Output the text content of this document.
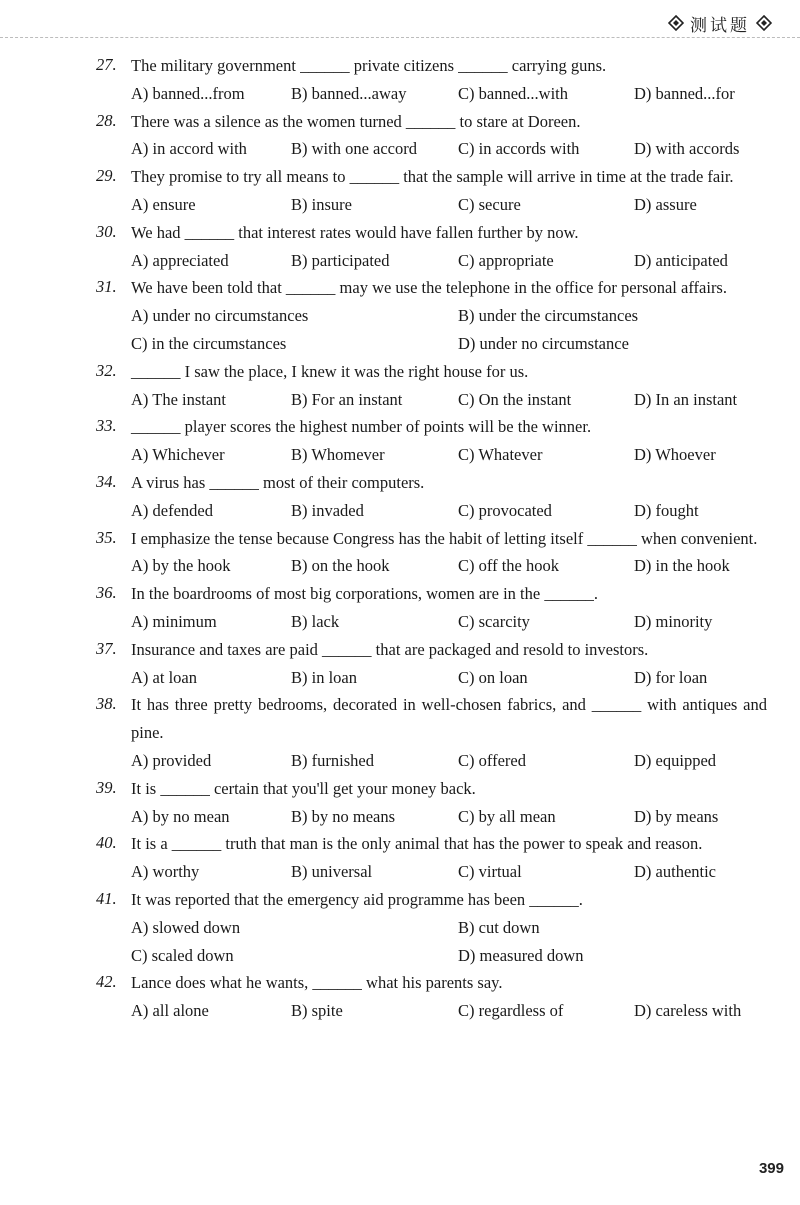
测试题
27. The military government ______ private citizens ______ carrying guns.
A) banned...from	B) banned...away	C) banned...with	D) banned...for
28. There was a silence as the women turned ______ to stare at Doreen.
A) in accord with	B) with one accord C) in accords with	D) with accords
29. They promise to try all means to ______ that the sample will arrive in time at the trade fair.
A) ensure	B) insure	C) secure	D) assure
30. We had ______ that interest rates would have fallen further by now.
A) appreciated	B) participated	C) appropriate	D) anticipated
31. We have been told that ______ may we use the telephone in the office for personal affairs.
A) under no circumstances	B) under the circumstances
C) in the circumstances	D) under no circumstance
32. ______ I saw the place, I knew it was the right house for us.
A) The instant	B) For an instant	C) On the instant	D) In an instant
33. ______ player scores the highest number of points will be the winner.
A) Whichever	B) Whomever	C) Whatever	D) Whoever
34. A virus has ______ most of their computers.
A) defended	B) invaded	C) provocated	D) fought
35. I emphasize the tense because Congress has the habit of letting itself ______ when convenient.
A) by the hook	B) on the hook	C) off the hook	D) in the hook
36. In the boardrooms of most big corporations, women are in the ______.
A) minimum	B) lack	C) scarcity	D) minority
37. Insurance and taxes are paid ______ that are packaged and resold to investors.
A) at loan	B) in loan	C) on loan	D) for loan
38. It has three pretty bedrooms, decorated in well-chosen fabrics, and ______ with antiques and pine.
A) provided	B) furnished	C) offered	D) equipped
39. It is ______ certain that you'll get your money back.
A) by no mean	B) by no means	C) by all mean	D) by means
40. It is a ______ truth that man is the only animal that has the power to speak and reason.
A) worthy	B) universal	C) virtual	D) authentic
41. It was reported that the emergency aid programme has been ______.
A) slowed down	B) cut down
C) scaled down	D) measured down
42. Lance does what he wants, ______ what his parents say.
A) all alone	B) spite	C) regardless of	D) careless with
399
